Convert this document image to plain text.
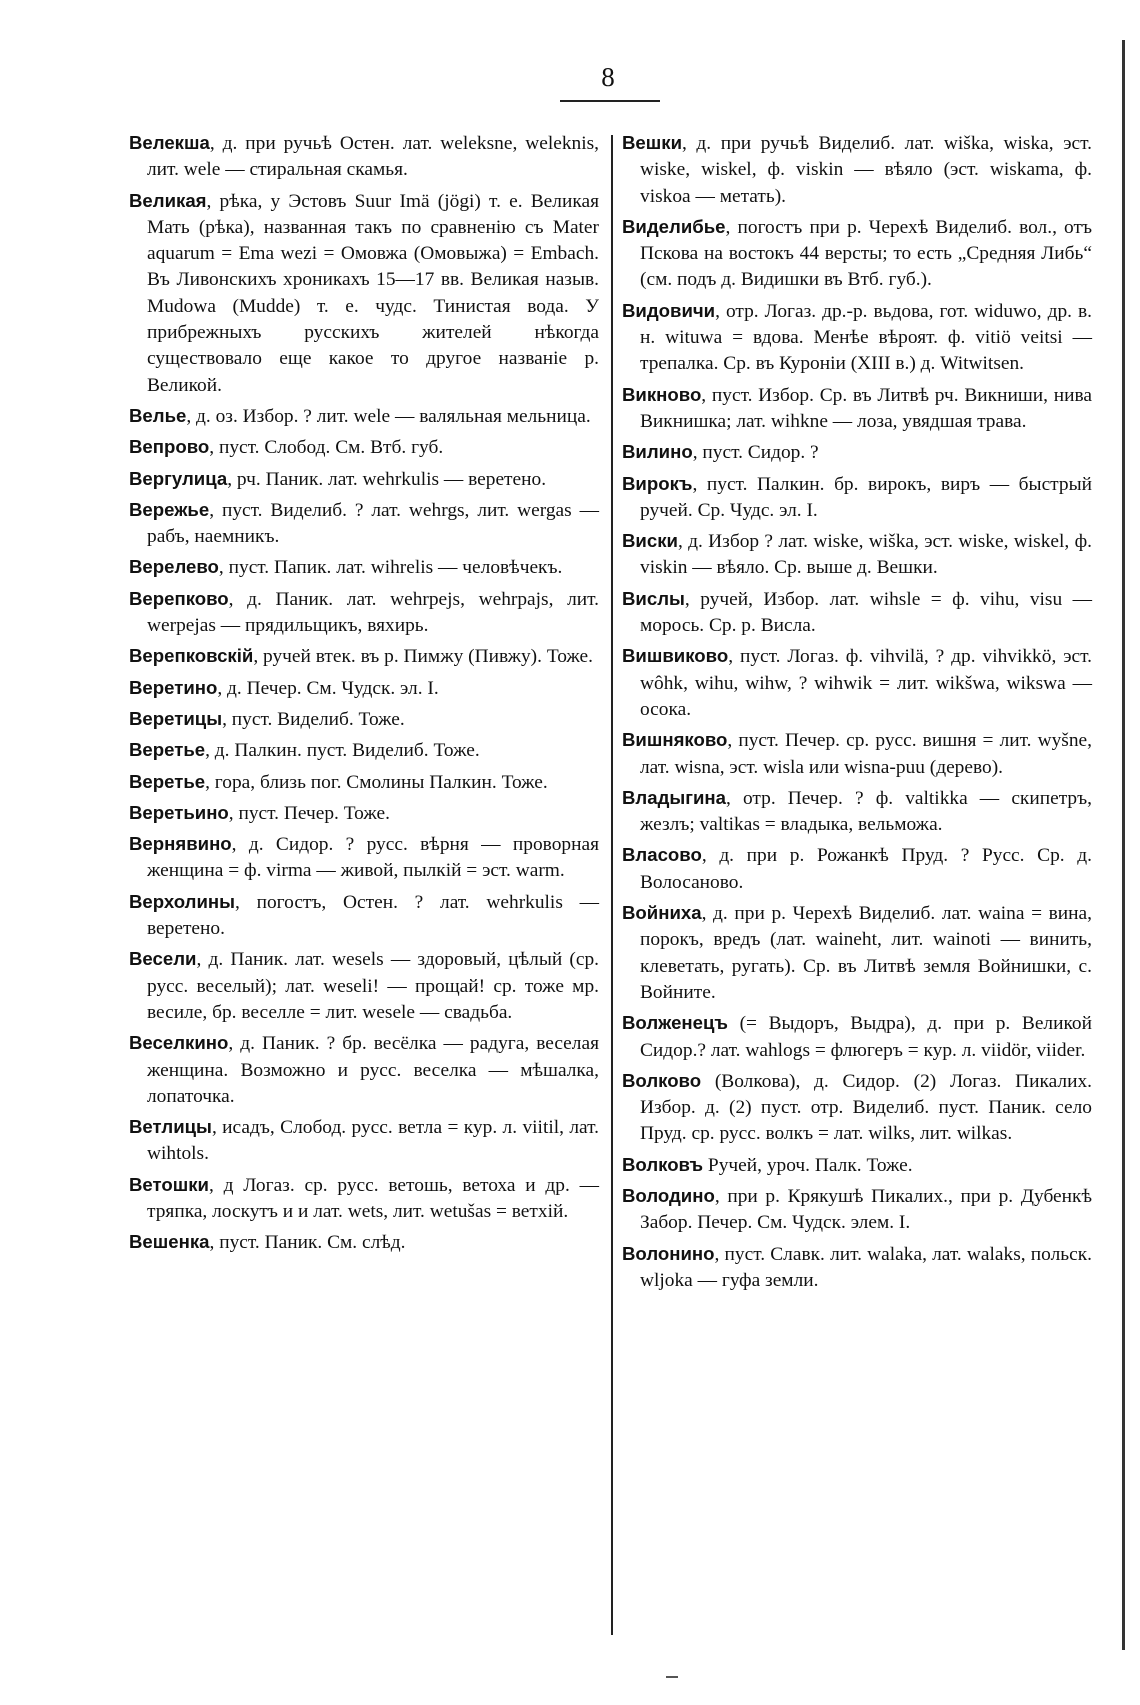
8

Велекша, д. при ручьѣ Остен. лат. weleksne, weleknis, лит. wele — стиральная скамья.

Великая, рѣка, у Эстовъ Suur Imä (jögi) т. е. Великая Мать (рѣка), названная такъ по сравненію съ Mater aquarum = Ema wezi = Омовжа (Омовыжа) = Embach. Въ Ливонскихъ хроникахъ 15—17 вв. Великая назыв. Mudowa (Mudde) т. е. чудс. Тинистая вода. У прибрежныхъ русскихъ жителей нѣкогда существовало еще какое то другое названіе р. Великой.

Велье, д. оз. Избор. ? лит. wele — валяльная мельница.

Вепрово, пуст. Слобод. См. Втб. губ.

Вергулица, рч. Паник. лат. wehrkulis — веретено.

Вережье, пуст. Виделиб. ? лат. wehrgs, лит. wergas — рабъ, наемникъ.

Верелево, пуст. Папик. лат. wihrelis — человѣчекъ.

Верепково, д. Паник. лат. wehrpejs, wehrpajs, лит. werpejas — прядильщикъ, вяхирь.

Верепковскій, ручей втек. въ р. Пимжу (Пивжу). Тоже.

Веретино, д. Печер. См. Чудск. эл. I.

Веретицы, пуст. Виделиб. Тоже.

Веретье, д. Палкин. пуст. Виделиб. Тоже.

Веретье, гора, близь пог. Смолины Палкин. Тоже.

Веретьино, пуст. Печер. Тоже.

Вернявино, д. Сидор. ? русс. вѣрня — проворная женщина = ф. virma — живой, пылкій = эст. warm.

Верхолины, погостъ, Остен. ? лат. wehrkulis — веретено.

Весели, д. Паник. лат. wesels — здоровый, цѣлый (ср. русс. веселый); лат. weseli! — прощай! ср. тоже мр. весиле, бр. веселле = лит. wesele — свадьба.

Веселкино, д. Паник. ? бр. весёлка — радуга, веселая женщина. Возможно и русс. веселка — мѣшалка, лопаточка.

Ветлицы, исадъ, Слобод. русс. ветла = кур. л. viitil, лат. wihtols.

Ветошки, д Логаз. ср. русс. ветошь, ветоха и др. — тряпка, лоскутъ и и лат. wets, лит. wetušas = ветхій.

Вешенка, пуст. Паник. См. слѣд.

Вешки, д. при ручьѣ Виделиб. лат. wiška, wiska, эст. wiske, wiskel, ф. viskin — вѣяло (эст. wiskama, ф. viskoa — метать).

Виделибье, погостъ при р. Черехѣ Виделиб. вол., отъ Пскова на востокъ 44 версты; то есть „Средняя Либь“ (см. подъ д. Видишки въ Втб. губ.).

Видовичи, отр. Логаз. др.-р. вьдова, гот. widuwo, др. в. н. wituwa = вдова. Менѣе вѣроят. ф. vitiö veitsi — трепалка. Ср. въ Куроніи (XIII в.) д. Witwitsen.

Викново, пуст. Избор. Ср. въ Литвѣ рч. Викниши, нива Викнишка; лат. wihkne — лоза, увядшая трава.

Вилино, пуст. Сидор. ?

Вирокъ, пуст. Палкин. бр. вирокъ, виръ — быстрый ручей. Ср. Чудс. эл. I.

Виски, д. Избор ? лат. wiske, wiška, эст. wiske, wiskel, ф. viskin — вѣяло. Ср. выше д. Вешки.

Вислы, ручей, Избор. лат. wihsle = ф. vihu, visu — морось. Ср. р. Висла.

Вишвиково, пуст. Логаз. ф. vihvilä, ? др. vihvikkö, эст. wôhk, wihu, wihw, ? wihwik = лит. wikšwa, wikswa — осока.

Вишняково, пуст. Печер. ср. русс. вишня = лит. wyšne, лат. wisna, эст. wisla или wisna-puu (дерево).

Владыгина, отр. Печер. ? ф. valtikka — скипетръ, жезлъ; valtikas = владыка, вельможа.

Власово, д. при р. Рожанкѣ Пруд. ? Русс. Ср. д. Волосаново.

Войниха, д. при р. Черехѣ Виделиб. лат. waina = вина, порокъ, вредъ (лат. waineht, лит. wainoti — винить, клеветать, ругать). Ср. въ Литвѣ земля Войнишки, с. Войните.

Волженецъ (= Выдоръ, Выдра), д. при р. Великой Сидор.? лат. wahlogs = флюгеръ = кур. л. viidör, viider.

Волково (Волкова), д. Сидор. (2) Логаз. Пикалих. Избор. д. (2) пуст. отр. Виделиб. пуст. Паник. село Пруд. ср. русс. волкъ = лат. wilks, лит. wilkas.

Волковъ Ручей, уроч. Палк. Тоже.

Володино, при р. Крякушѣ Пикалих., при р. Дубенкѣ Забор. Печер. См. Чудск. элем. I.

Волонино, пуст. Славк. лит. walaka, лат. walaks, польск. wljoka — гуфа земли.
